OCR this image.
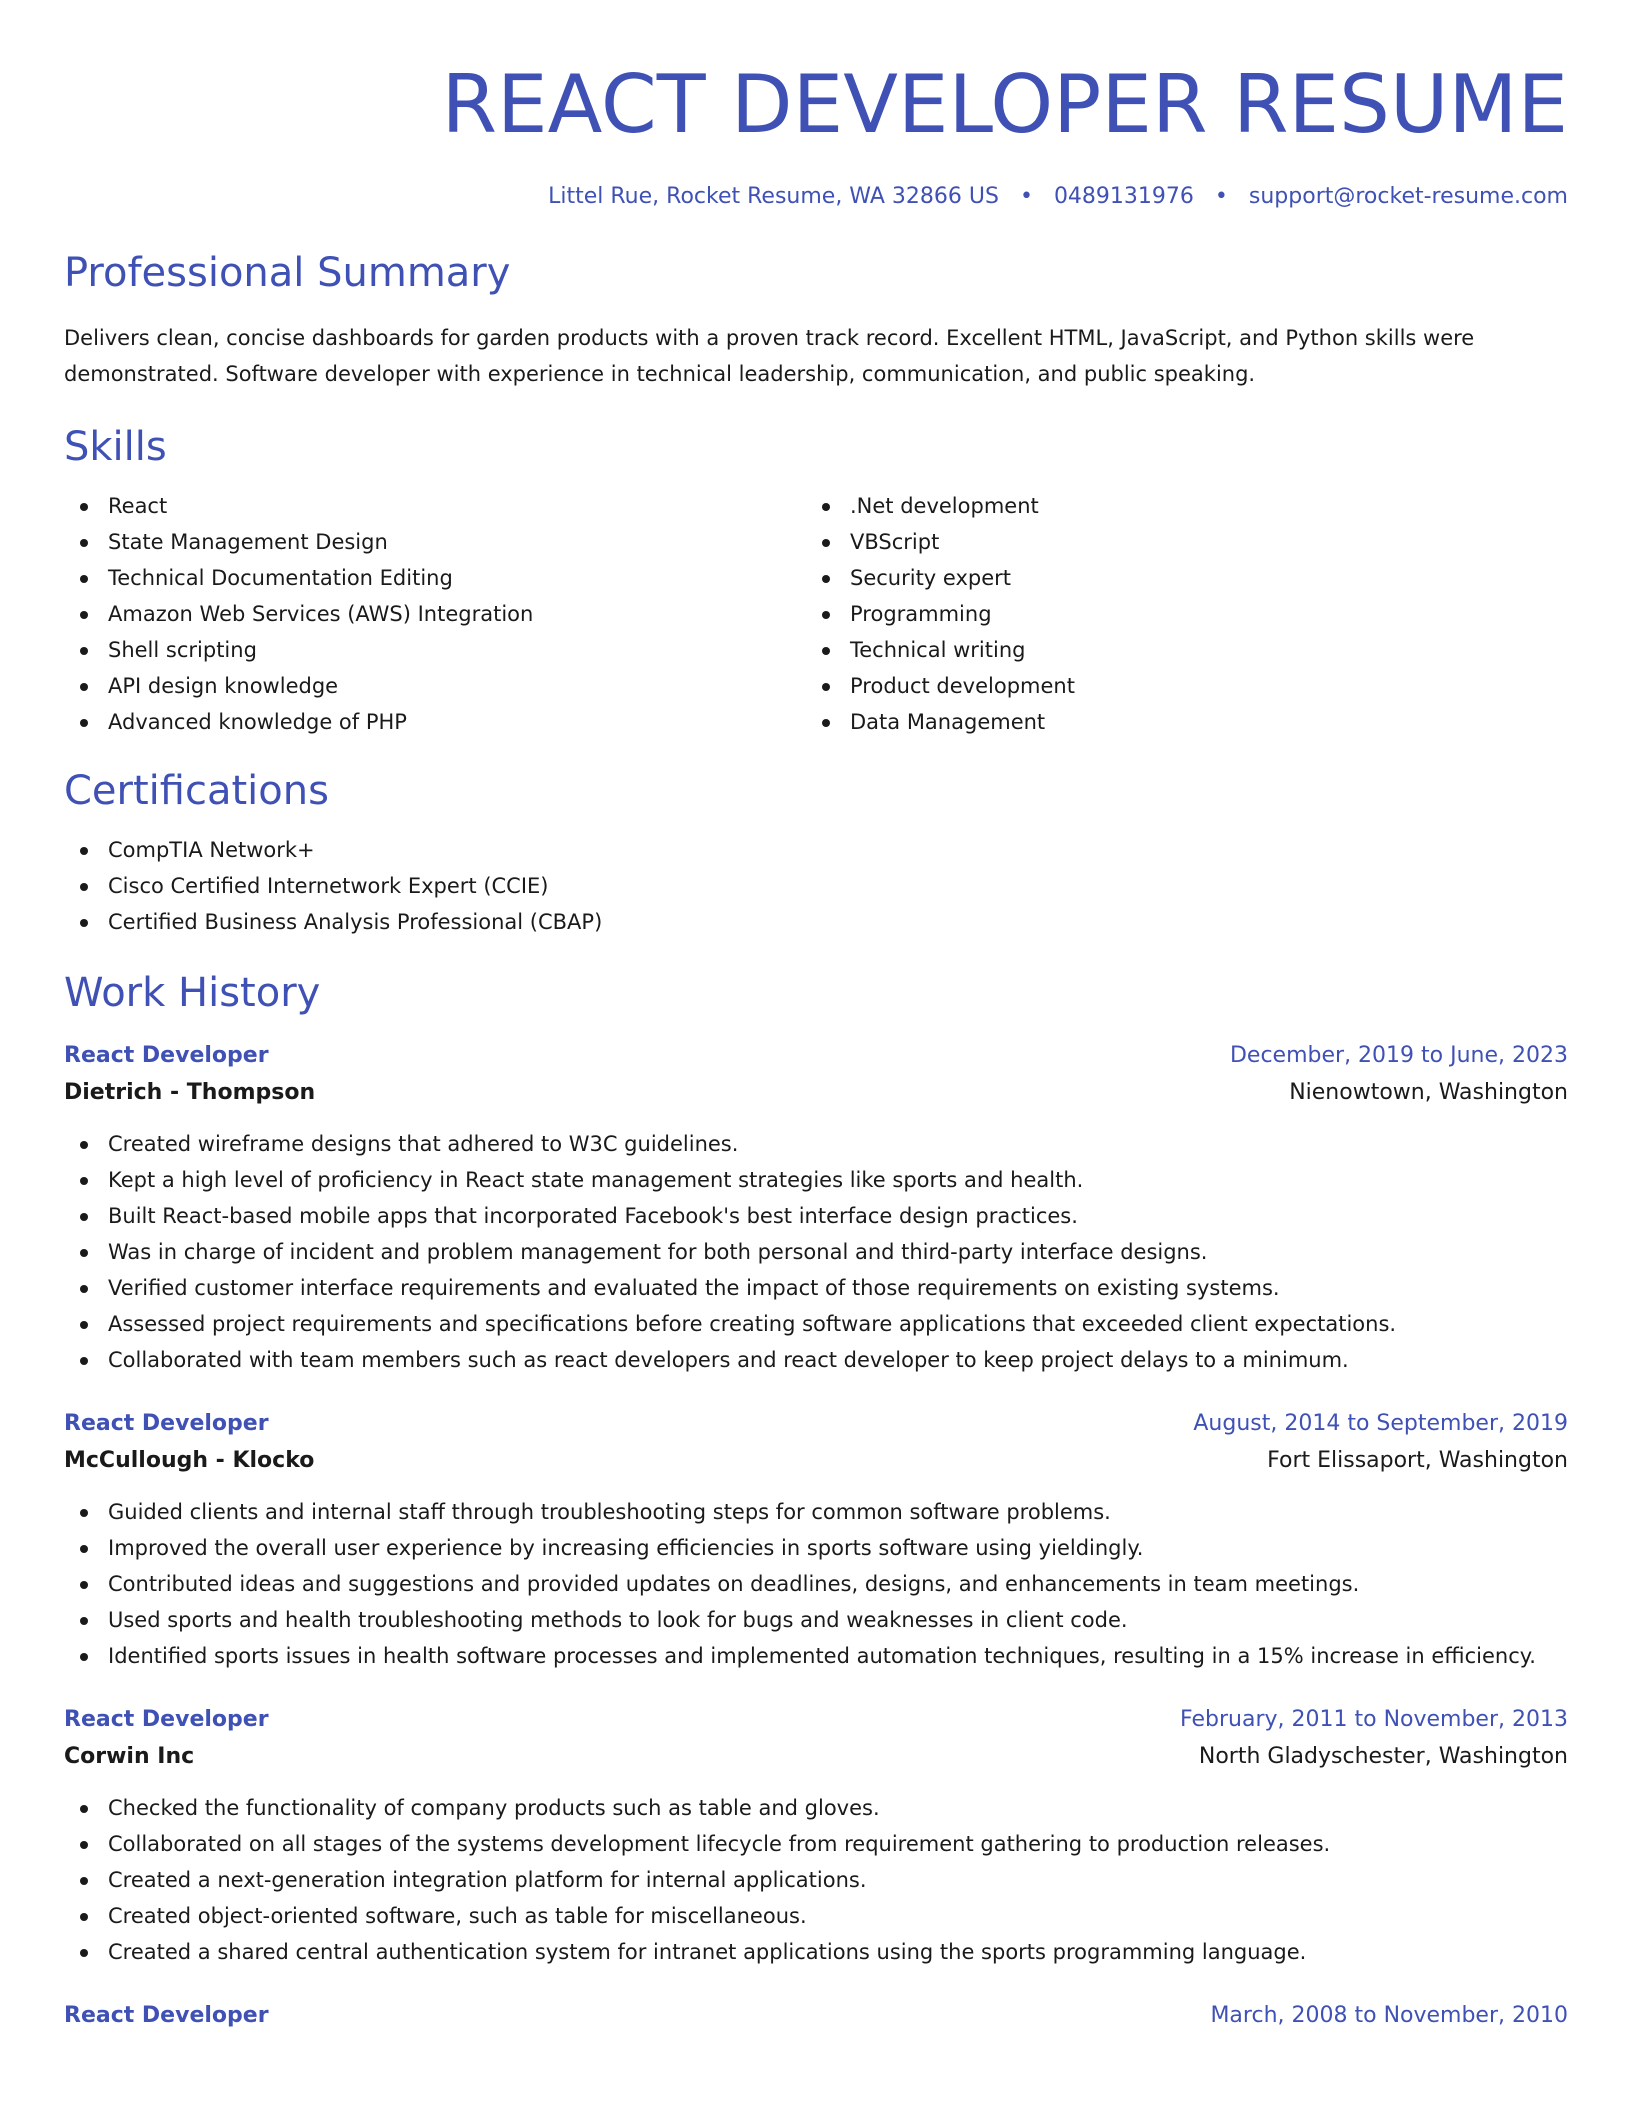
REACT DEVELOPER RESUME
Littel Rue, Rocket Resume, WA 32866 US • 0489131976 • support@rocket-resume.com
Professional Summary

Delivers clean, concise dashboards for garden products with a proven track record. Excellent HTML, JavaScript, and Python skills were demonstrated. Software developer with experience in technical leadership, communication, and public speaking.

Skills
React
State Management Design
Technical Documentation Editing
Amazon Web Services (AWS) Integration
Shell scripting
API design knowledge
Advanced knowledge of PHP
.Net development
VBScript
Security expert
Programming
Technical writing
Product development
Data Management
Certifications
CompTIA Network+
Cisco Certified Internetwork Expert (CCIE)
Certified Business Analysis Professional (CBAP)
Work History
React Developer	December, 2019 to June, 2023
Dietrich - Thompson	Nienowtown, Washington
Created wireframe designs that adhered to W3C guidelines.
Kept a high level of proficiency in React state management strategies like sports and health.
Built React-based mobile apps that incorporated Facebook's best interface design practices.
Was in charge of incident and problem management for both personal and third-party interface designs.
Verified customer interface requirements and evaluated the impact of those requirements on existing systems.
Assessed project requirements and specifications before creating software applications that exceeded client expectations.
Collaborated with team members such as react developers and react developer to keep project delays to a minimum.
React Developer	August, 2014 to September, 2019
McCullough - Klocko	Fort Elissaport, Washington
Guided clients and internal staff through troubleshooting steps for common software problems.
Improved the overall user experience by increasing efficiencies in sports software using yieldingly.
Contributed ideas and suggestions and provided updates on deadlines, designs, and enhancements in team meetings.
Used sports and health troubleshooting methods to look for bugs and weaknesses in client code.
Identified sports issues in health software processes and implemented automation techniques, resulting in a 15% increase in efficiency.
React Developer	February, 2011 to November, 2013
Corwin Inc	North Gladyschester, Washington
Checked the functionality of company products such as table and gloves.
Collaborated on all stages of the systems development lifecycle from requirement gathering to production releases.
Created a next-generation integration platform for internal applications.
Created object-oriented software, such as table for miscellaneous.
Created a shared central authentication system for intranet applications using the sports programming language.
React Developer	March, 2008 to November, 2010
